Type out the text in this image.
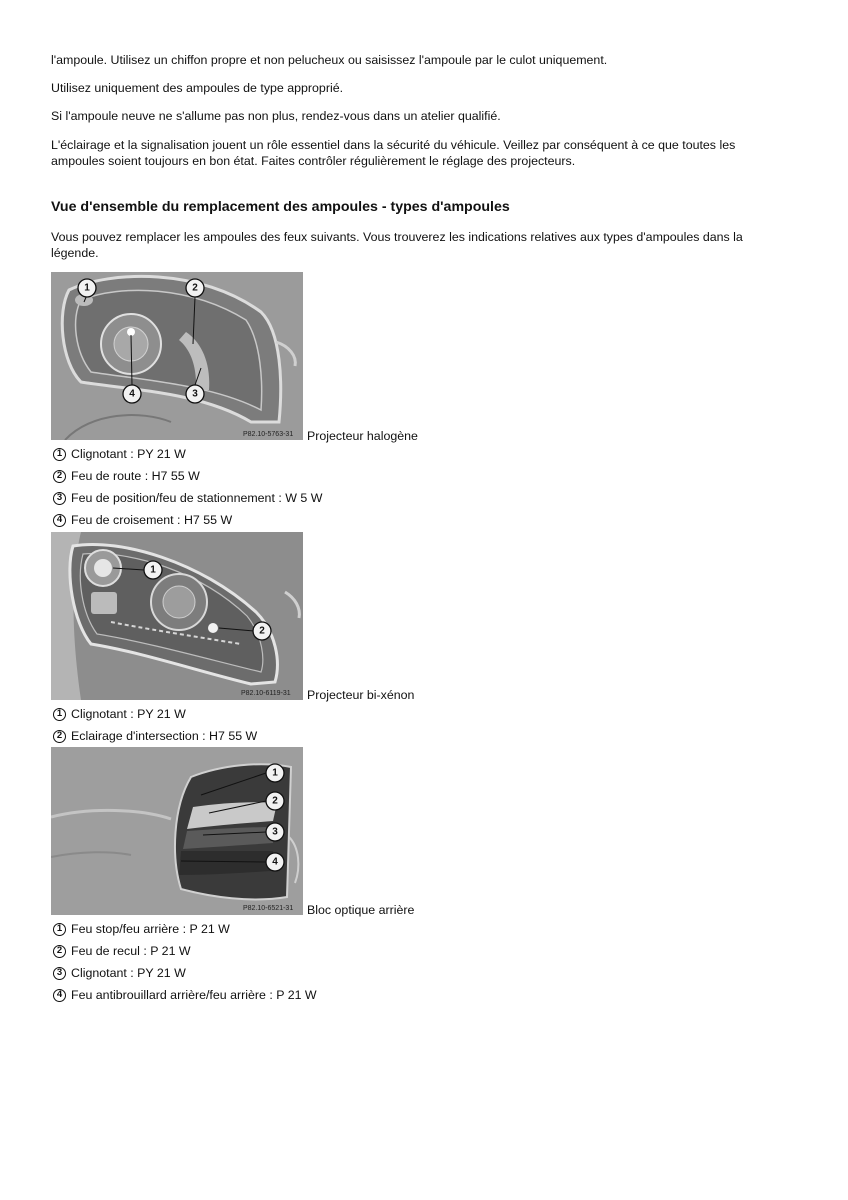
l'ampoule. Utilisez un chiffon propre et non pelucheux ou saisissez l'ampoule par le culot uniquement.

Utilisez uniquement des ampoules de type approprié.

Si l'ampoule neuve ne s'allume pas non plus, rendez-vous dans un atelier qualifié.

L'éclairage et la signalisation jouent un rôle essentiel dans la sécurité du véhicule. Veillez par conséquent à ce que toutes les ampoules soient toujours en bon état. Faites contrôler régulièrement le réglage des projecteurs.

Vue d'ensemble du remplacement des ampoules - types d'ampoules

Vous pouvez remplacer les ampoules des feux suivants. Vous trouverez les indications relatives aux types d'ampoules dans la légende.

1	2
3
4
P82.10-5763-31 Projecteur halogène
1 Clignotant : PY 21 W
2 Feu de route : H7 55 W
3 Feu de position/feu de stationnement : W 5 W
4 Feu de croisement : H7 55 W
1
2
P82.10-6119-31 Projecteur bi-xénon
1 Clignotant : PY 21 W
2 Eclairage d'intersection : H7 55 W
1
2
3
4
P82.10-6521-31 Bloc optique arrière
1 Feu stop/feu arrière : P 21 W
2 Feu de recul : P 21 W
3 Clignotant : PY 21 W
4 Feu antibrouillard arrière/feu arrière : P 21 W
